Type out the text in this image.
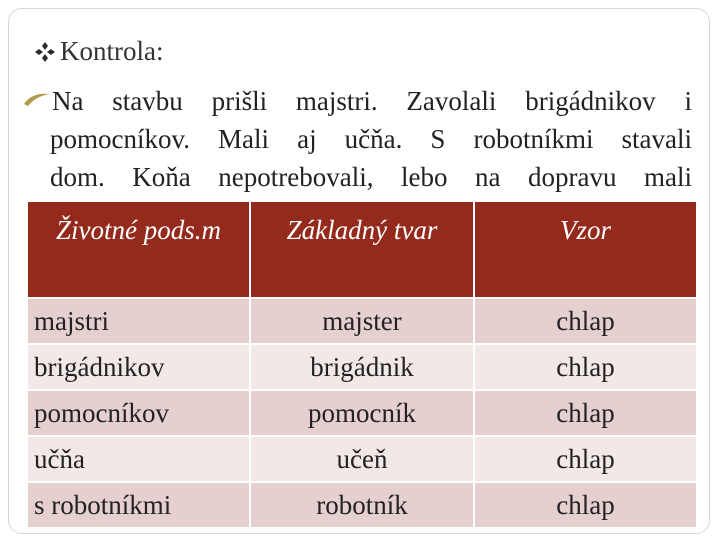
Kontrola:
Na stavbu prišli majstri. Zavolali brigádnikov i
pomocníkov. Mali aj učňa. S robotníkmi stavali
dom. Koňa nepotrebovali, lebo na dopravu mali
Životné pods.m	Základný tvar	Vzor
majstri	majster	chlap
brigádnikov	brigádnik	chlap
pomocníkov	pomocník	chlap
učňa	učeň	chlap
s robotníkmi	robotník	chlap
